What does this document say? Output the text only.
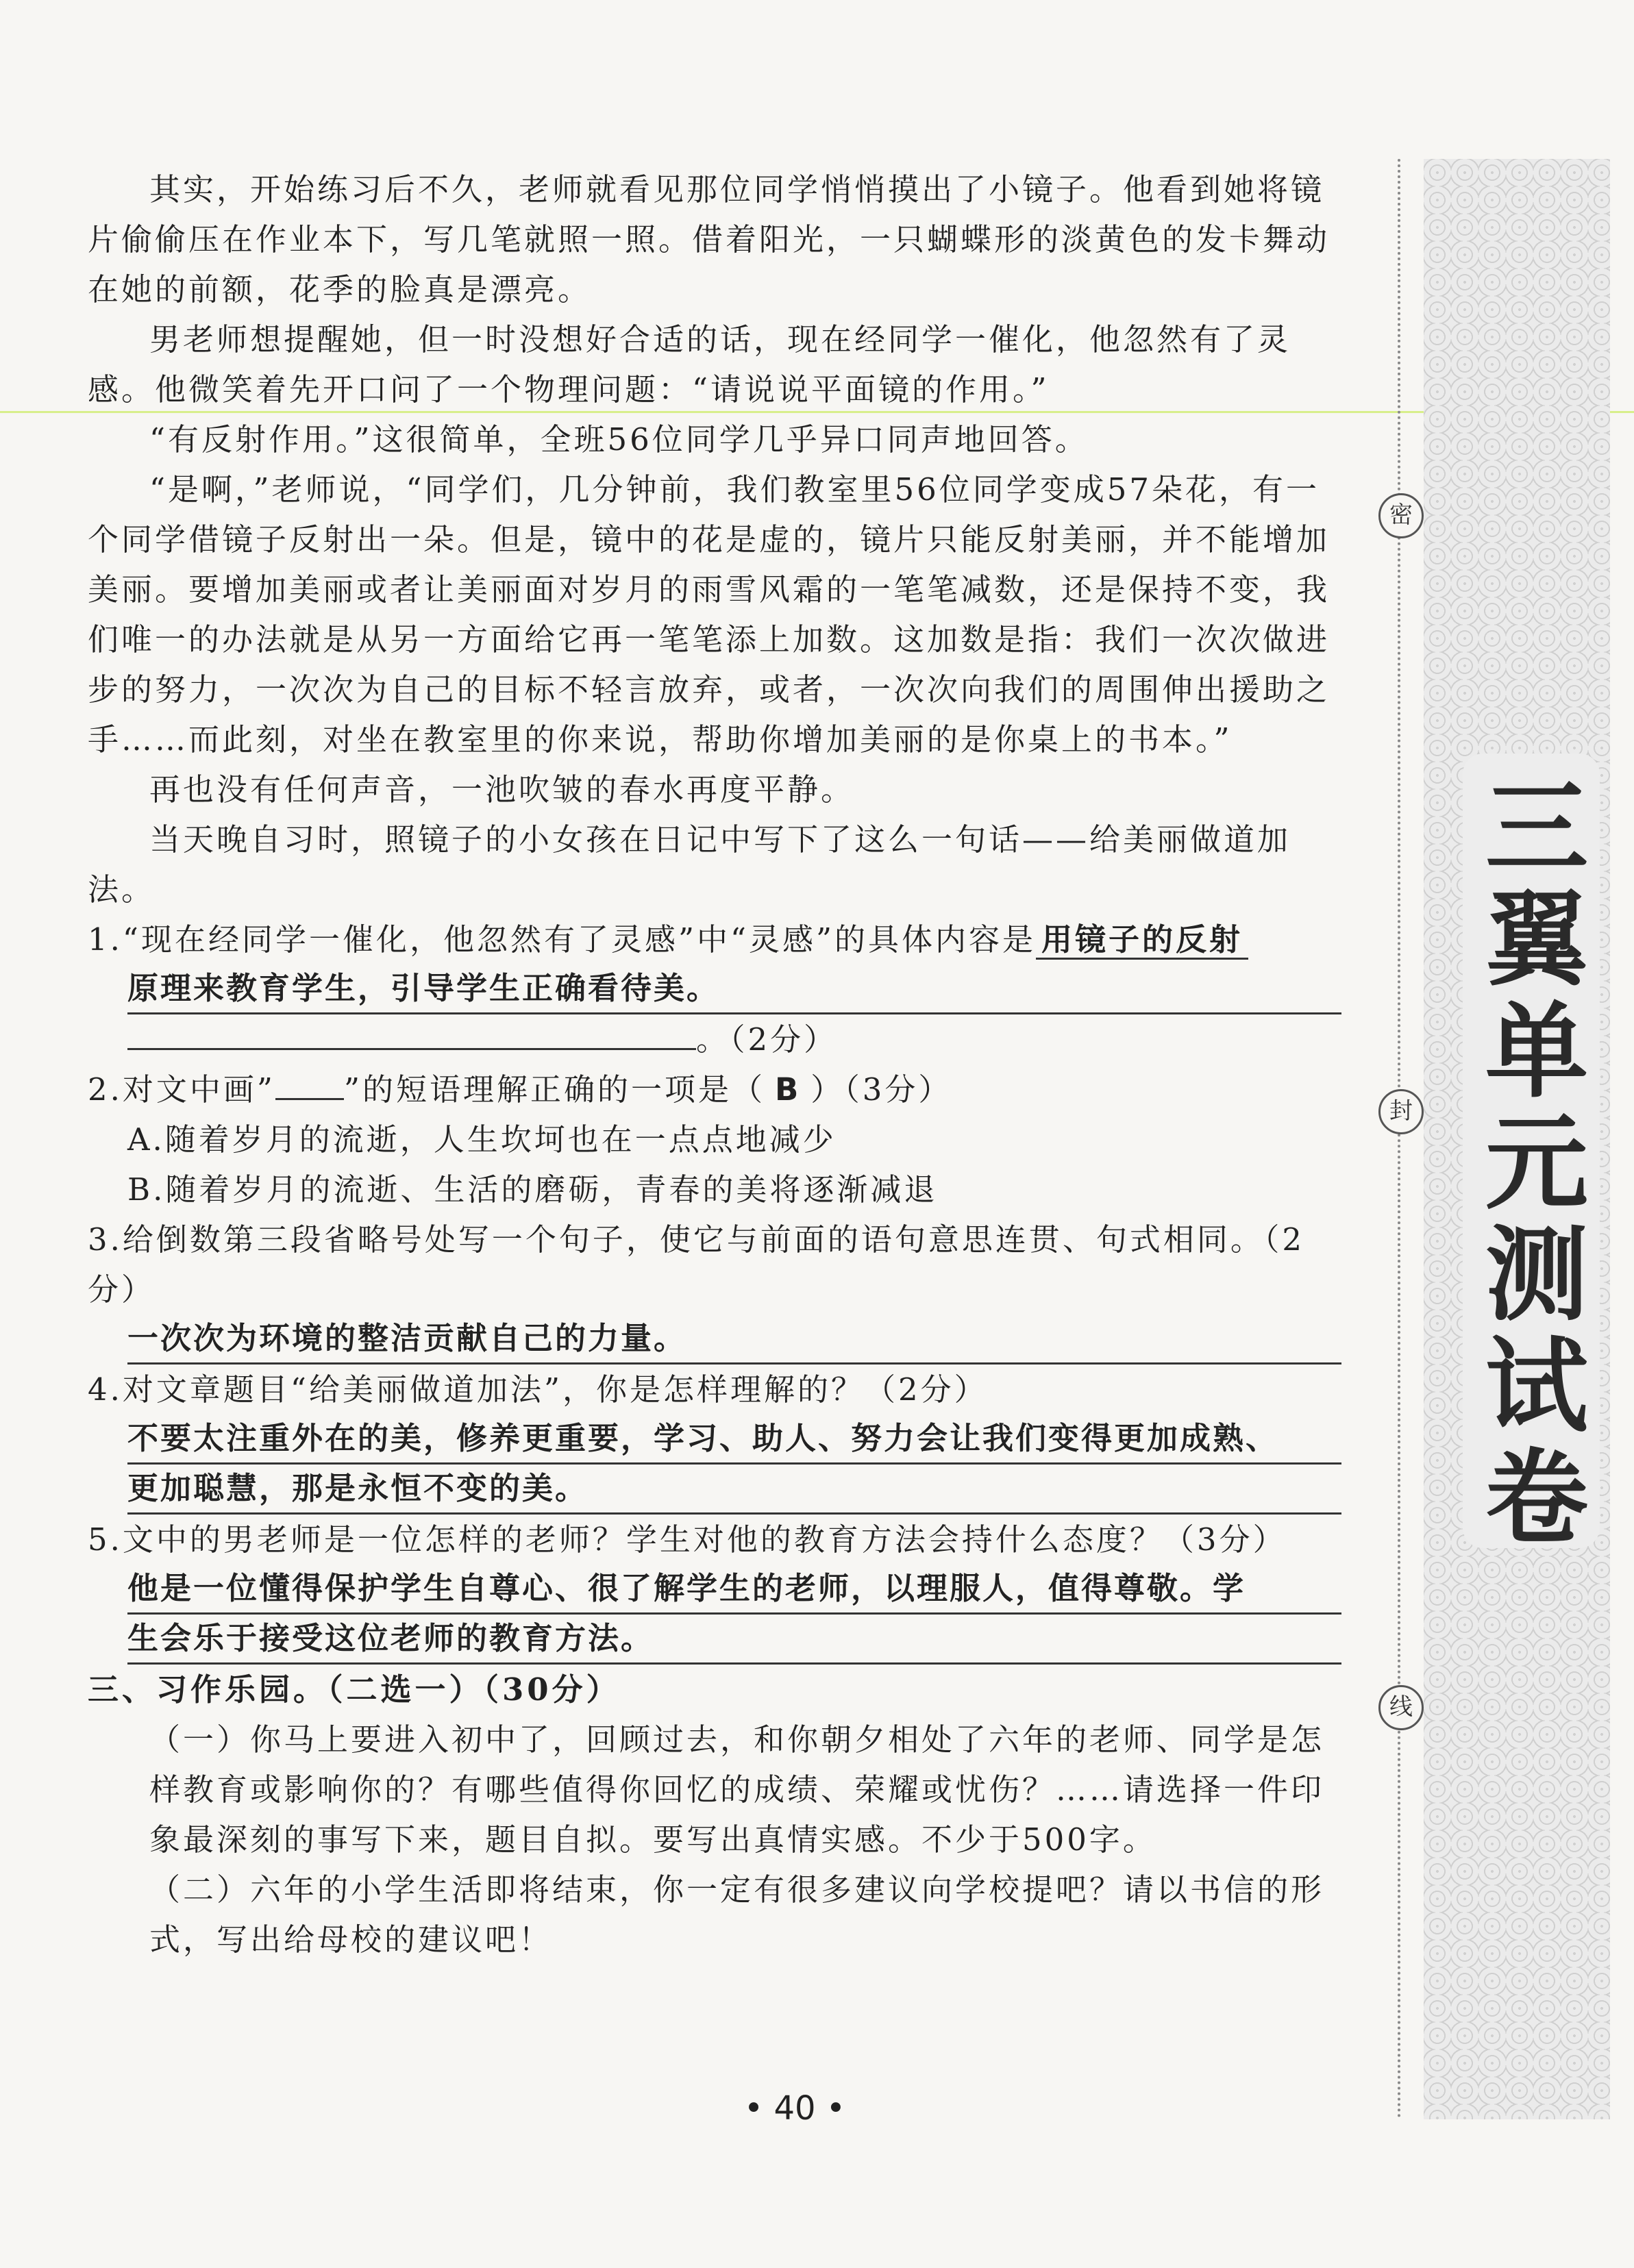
密
封
线
三
翼
单
元
测
试
卷

其实，开始练习后不久，老师就看见那位同学悄悄摸出了小镜子。他看到她将镜片偷偷压在作业本下，写几笔就照一照。借着阳光，一只蝴蝶形的淡黄色的发卡舞动在她的前额，花季的脸真是漂亮。

男老师想提醒她，但一时没想好合适的话，现在经同学一催化，他忽然有了灵感。他微笑着先开口问了一个物理问题：“请说说平面镜的作用。”

“有反射作用。”这很简单，全班56位同学几乎异口同声地回答。

“是啊，”老师说，“同学们，几分钟前，我们教室里56位同学变成57朵花，有一个同学借镜子反射出一朵。但是，镜中的花是虚的，镜片只能反射美丽，并不能增加美丽。要增加美丽或者让美丽面对岁月的雨雪风霜的一笔笔减数，还是保持不变，我们唯一的办法就是从另一方面给它再一笔笔添上加数。这加数是指：我们一次次做进步的努力，一次次为自己的目标不轻言放弃，或者，一次次向我们的周围伸出援助之手……而此刻，对坐在教室里的你来说，帮助你增加美丽的是你桌上的书本。”

再也没有任何声音，一池吹皱的春水再度平静。

当天晚自习时，照镜子的小女孩在日记中写下了这么一句话——给美丽做道加法。

1.“现在经同学一催化，他忽然有了灵感”中“灵感”的具体内容是 用镜子的反射

原理来教育学生，引导学生正确看待美。

。（2分）

2.对文中画” ”的短语理解正确的一项是（ B ）（3分）

A.随着岁月的流逝，人生坎坷也在一点点地减少

B.随着岁月的流逝、生活的磨砺，青春的美将逐渐减退

3.给倒数第三段省略号处写一个句子，使它与前面的语句意思连贯、句式相同。（2分）

一次次为环境的整洁贡献自己的力量。

4.对文章题目“给美丽做道加法”，你是怎样理解的？（2分）

不要太注重外在的美，修养更重要，学习、助人、努力会让我们变得更加成熟、
更加聪慧，那是永恒不变的美。

5.文中的男老师是一位怎样的老师？学生对他的教育方法会持什么态度？（3分）

他是一位懂得保护学生自尊心、很了解学生的老师，以理服人，值得尊敬。学
生会乐于接受这位老师的教育方法。

三、习作乐园。（二选一）（30分）

（一）你马上要进入初中了，回顾过去，和你朝夕相处了六年的老师、同学是怎样教育或影响你的？有哪些值得你回忆的成绩、荣耀或忧伤？……请选择一件印象最深刻的事写下来，题目自拟。要写出真情实感。不少于500字。

（二）六年的小学生活即将结束，你一定有很多建议向学校提吧？请以书信的形式，写出给母校的建议吧！

• 40 •
